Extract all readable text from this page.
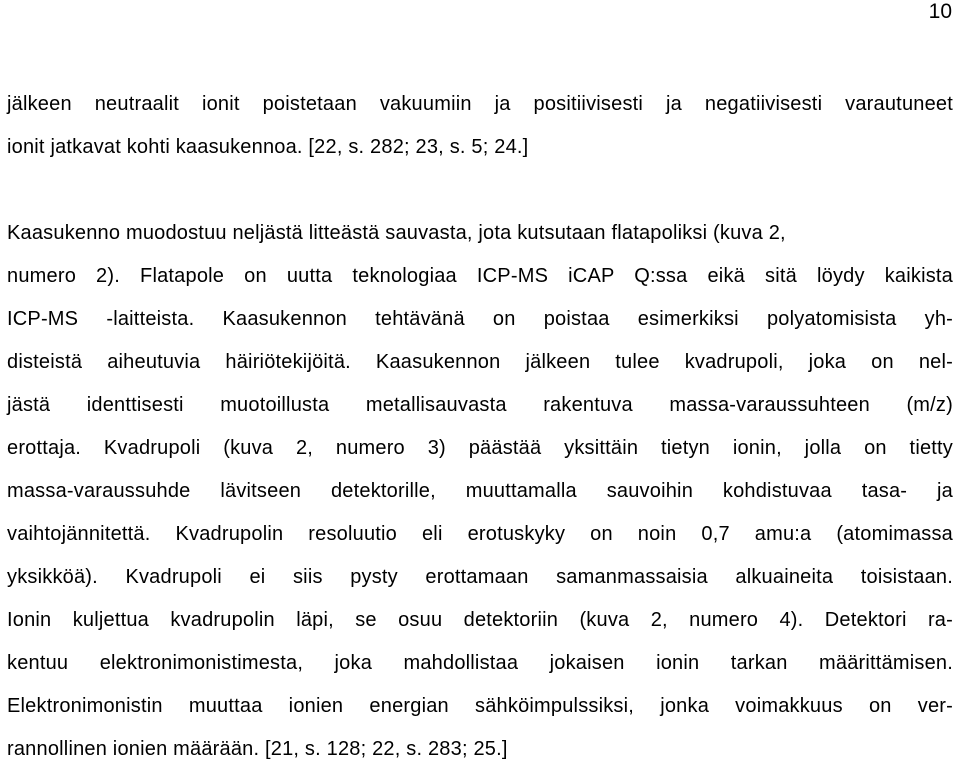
10
jälkeen neutraalit ionit poistetaan vakuumiin ja positiivisesti ja negatiivisesti varautuneet
ionit jatkavat kohti kaasukennoa. [22, s. 282; 23, s. 5; 24.]
Kaasukenno muodostuu neljästä litteästä sauvasta, jota kutsutaan flatapoliksi (kuva 2,
numero 2). Flatapole on uutta teknologiaa ICP-MS iCAP Q:ssa eikä sitä löydy kaikista
ICP-MS -laitteista. Kaasukennon tehtävänä on poistaa esimerkiksi polyatomisista yh-
disteistä aiheutuvia häiriötekijöitä. Kaasukennon jälkeen tulee kvadrupoli, joka on nel-
jästä identtisesti muotoillusta metallisauvasta rakentuva massa-varaussuhteen (m/z)
erottaja. Kvadrupoli (kuva 2, numero 3) päästää yksittäin tietyn ionin, jolla on tietty
massa-varaussuhde lävitseen detektorille, muuttamalla sauvoihin kohdistuvaa tasa- ja
vaihtojännitettä. Kvadrupolin resoluutio eli erotuskyky on noin 0,7 amu:a (atomimassa
yksikköä). Kvadrupoli ei siis pysty erottamaan samanmassaisia alkuaineita toisistaan.
Ionin kuljettua kvadrupolin läpi, se osuu detektoriin (kuva 2, numero 4). Detektori ra-
kentuu elektronimonistimesta, joka mahdollistaa jokaisen ionin tarkan määrittämisen.
Elektronimonistin muuttaa ionien energian sähköimpulssiksi, jonka voimakkuus on ver-
rannollinen ionien määrään. [21, s. 128; 22, s. 283; 25.]
